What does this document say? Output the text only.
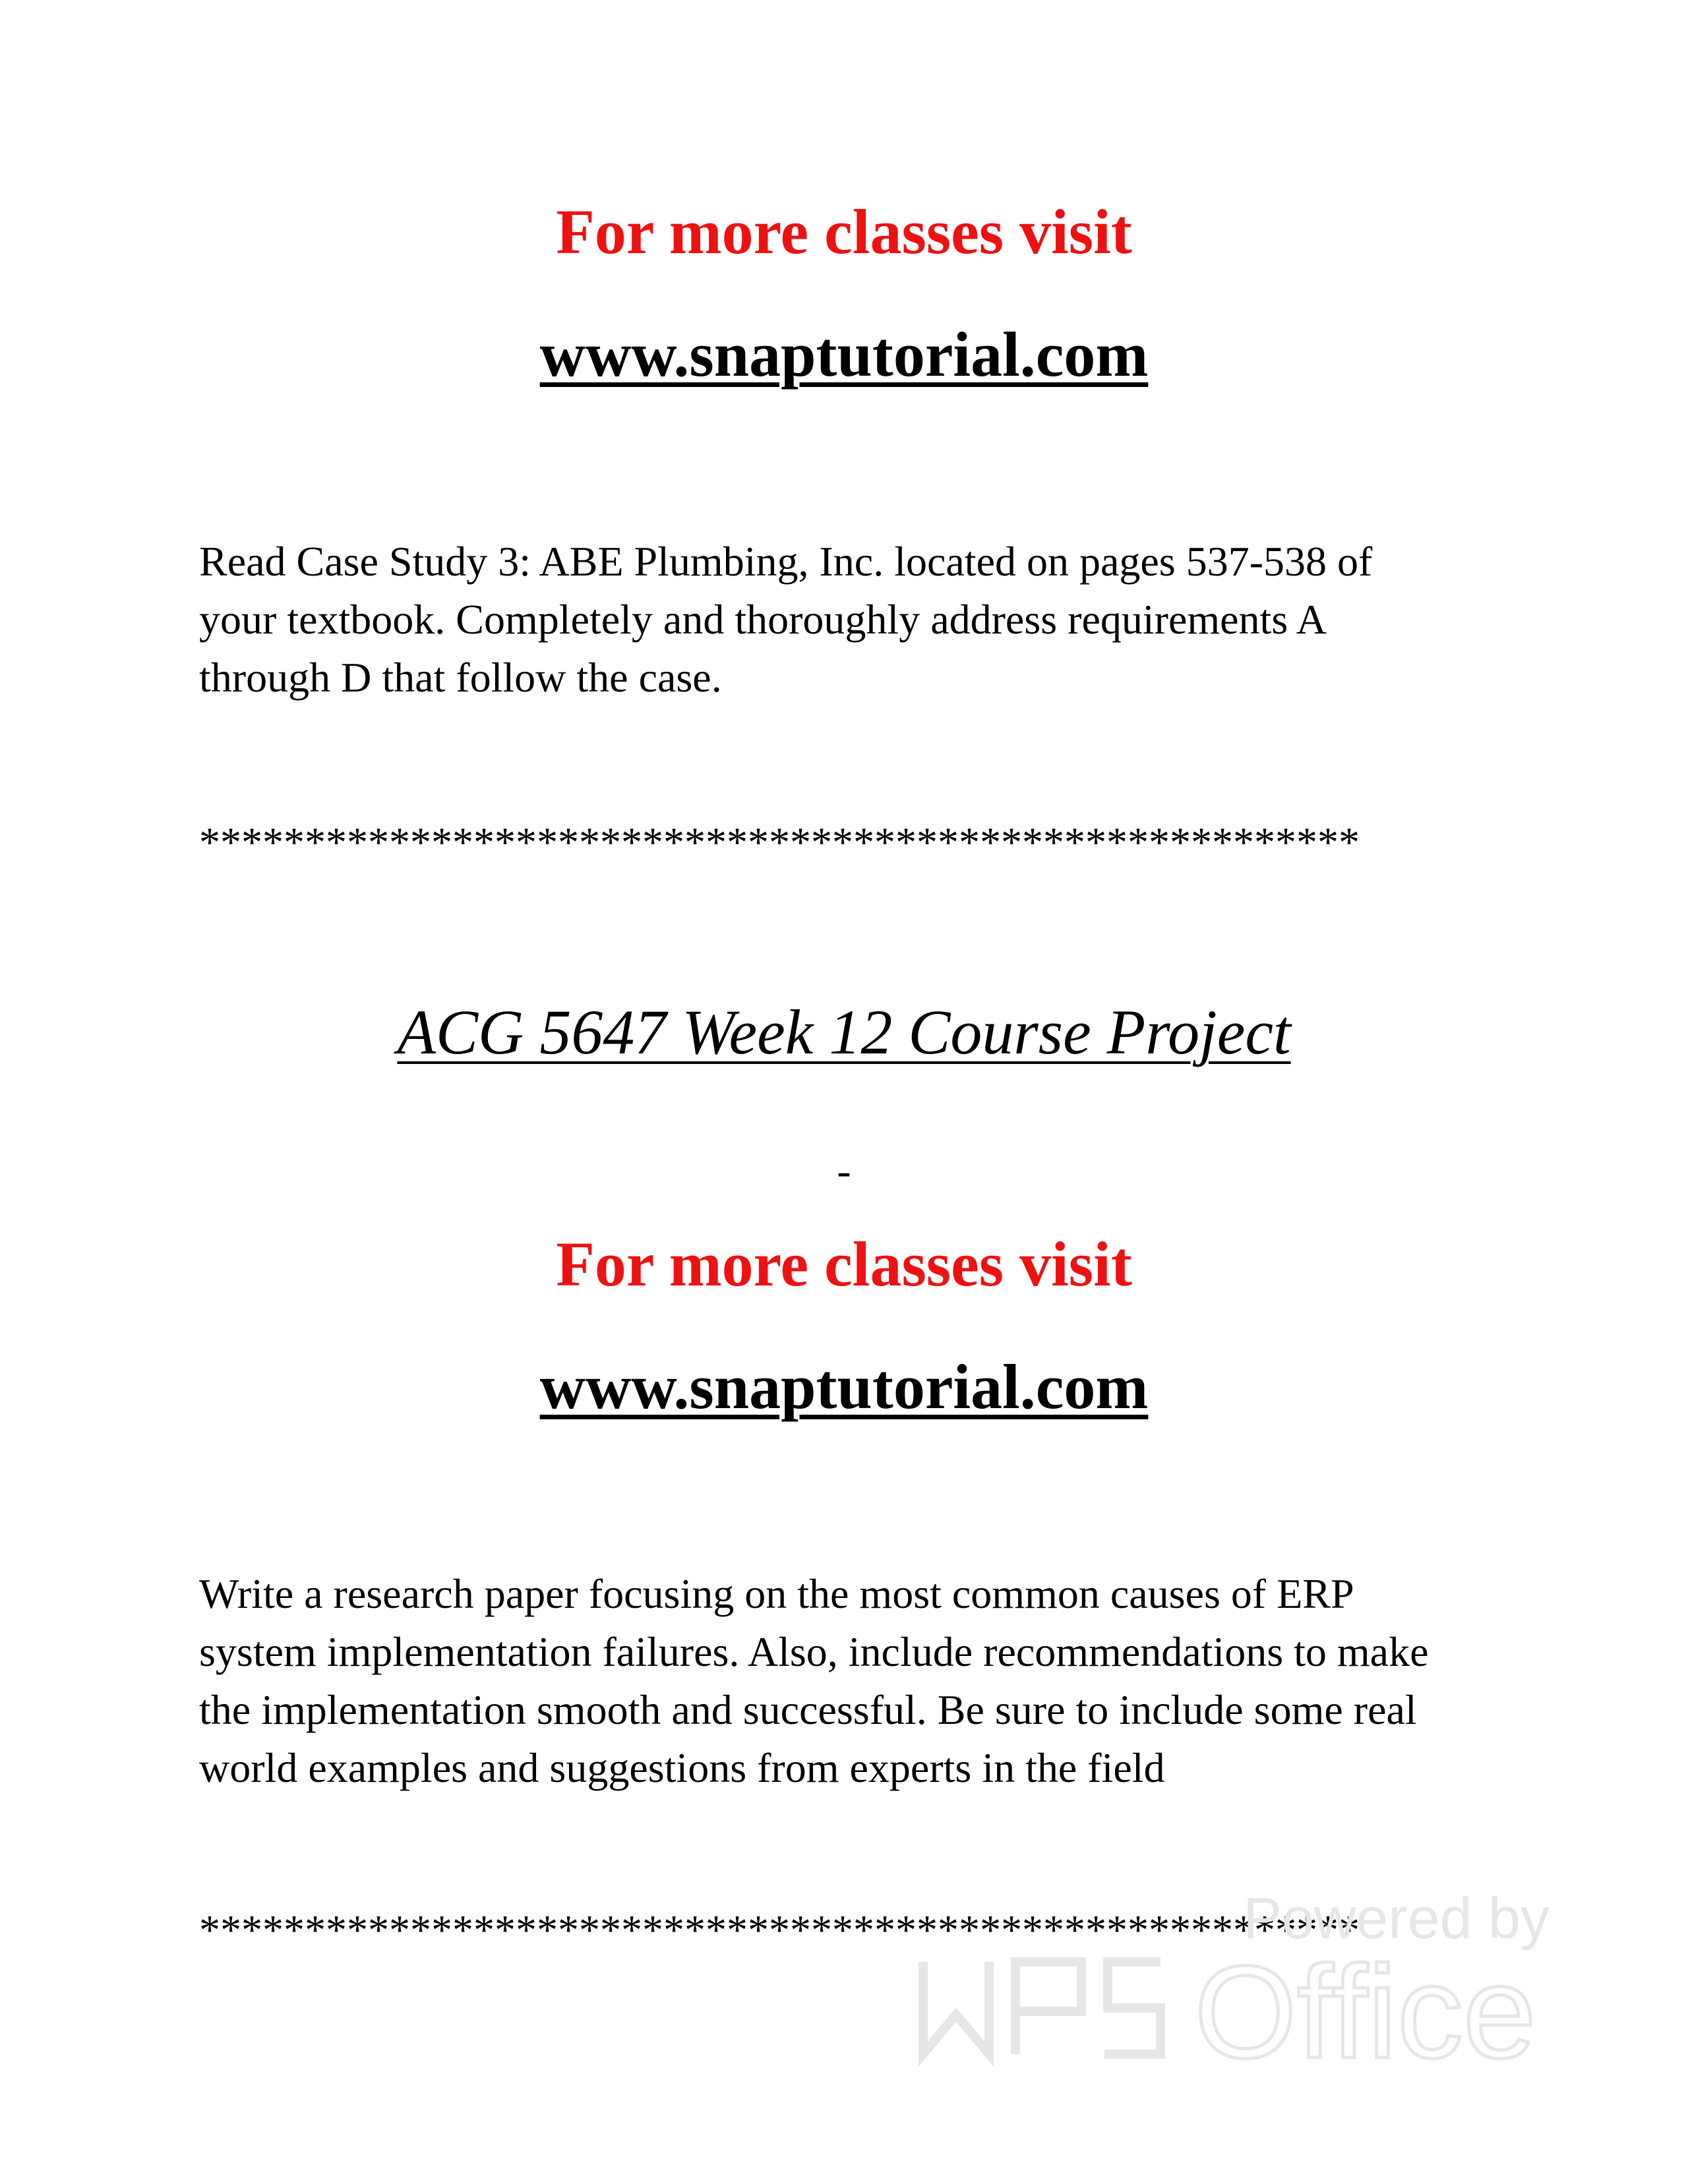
For more classes visit
www.snaptutorial.com
Read Case Study 3: ABE Plumbing, Inc. located on pages 537-538 of
your textbook. Completely and thoroughly address requirements A
through D that follow the case.
*******************************************************
ACG 5647 Week 12 Course Project
-
For more classes visit
www.snaptutorial.com
Write a research paper focusing on the most common causes of ERP
system implementation failures. Also, include recommendations to make
the implementation smooth and successful. Be sure to include some real
world examples and suggestions from experts in the field
*******************************************************
Powered by
Office
